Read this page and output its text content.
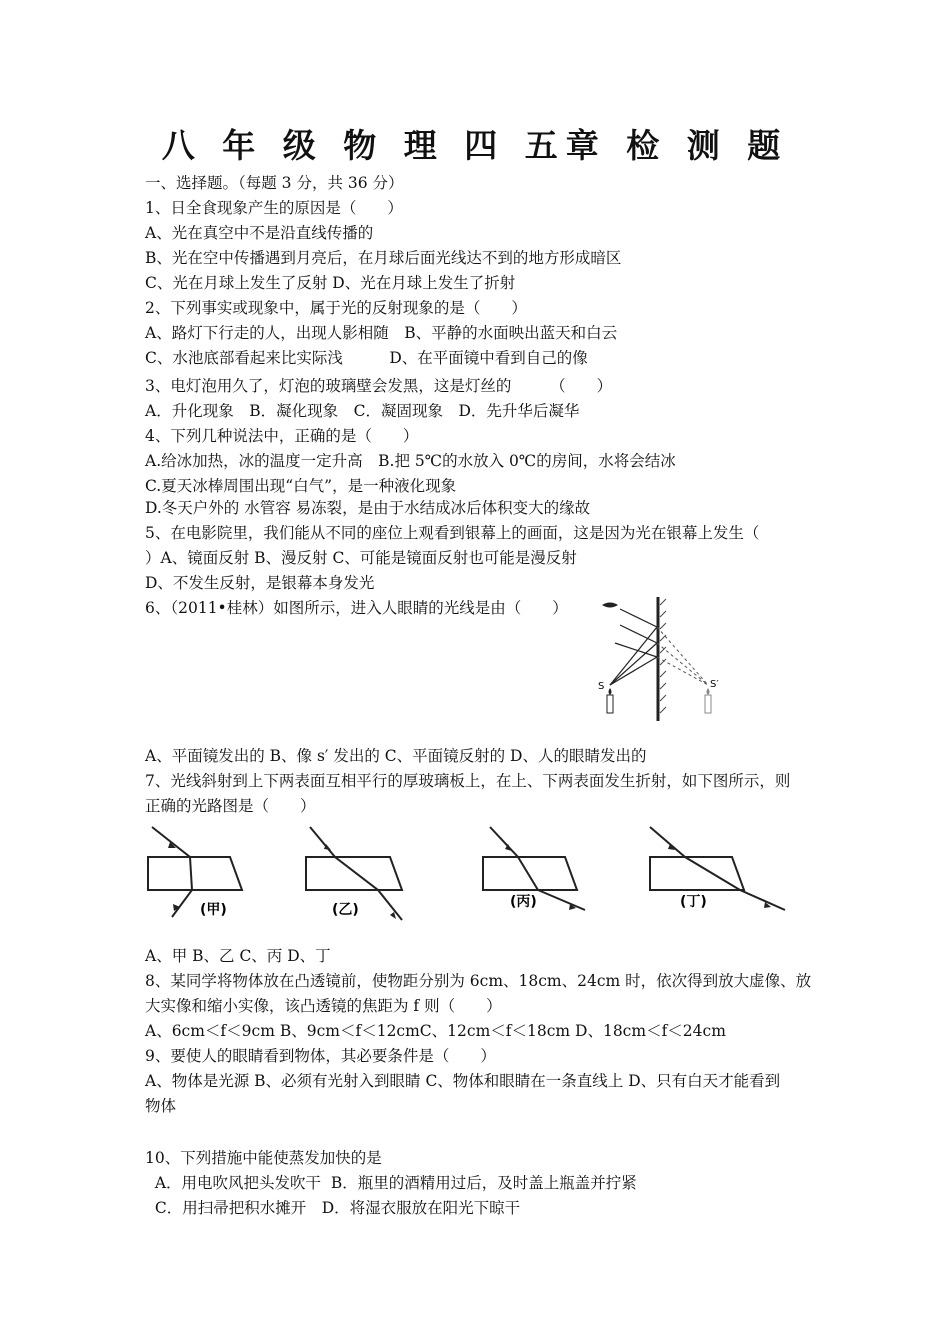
八 年 级 物 理 四 五章 检 测 题
一、选择题。（每题 3 分，共 36 分）
1、日全食现象产生的原因是（　　）
A、光在真空中不是沿直线传播的
B、光在空中传播遇到月亮后，在月球后面光线达不到的地方形成暗区
C、光在月球上发生了反射 D、光在月球上发生了折射
2、下列事实或现象中，属于光的反射现象的是（　　）
A、路灯下行走的人，出现人影相随　B、平静的水面映出蓝天和白云
C、水池底部看起来比实际浅　　　D、在平面镜中看到自己的像
3、电灯泡用久了，灯泡的玻璃壁会发黑，这是灯丝的　　　（　　）
A．升化现象　B．凝化现象　C．凝固现象　D．先升华后凝华
4、下列几种说法中，正确的是（　　）
A.给冰加热，冰的温度一定升高　B.把 5℃的水放入 0℃的房间，水将会结冰
C.夏天冰棒周围出现“白气”，是一种液化现象
D.冬天户外的 水管容 易冻裂，是由于水结成冰后体积变大的缘故
5、在电影院里，我们能从不同的座位上观看到银幕上的画面，这是因为光在银幕上发生（
）A、镜面反射 B、漫反射 C、可能是镜面反射也可能是漫反射
D、不发生反射，是银幕本身发光
6、（2011•桂林）如图所示，进入人眼睛的光线是由（　　）
S	S′
A、平面镜发出的 B、像 s′ 发出的 C、平面镜反射的 D、人的眼睛发出的
7、光线斜射到上下两表面互相平行的厚玻璃板上，在上、下两表面发生折射，如下图所示，则
正确的光路图是（　　）
(甲)	(乙)	(丙)	(丁)
A、甲 B、乙 C、丙 D、丁
8、某同学将物体放在凸透镜前，使物距分别为 6cm、18cm、24cm 时，依次得到放大虚像、放
大实像和缩小实像，该凸透镜的焦距为 f 则（　　）
A、6cm＜f＜9cm B、9cm＜f＜12cmC、12cm＜f＜18cm D、18cm＜f＜24cm
9、要使人的眼睛看到物体，其必要条件是（　　）
A、物体是光源 B、必须有光射入到眼睛 C、物体和眼睛在一条直线上 D、只有白天才能看到
物体
10、下列措施中能使蒸发加快的是
A．用电吹风把头发吹干  B．瓶里的酒精用过后，及时盖上瓶盖并拧紧
C．用扫帚把积水摊开　D．将湿衣服放在阳光下晾干
